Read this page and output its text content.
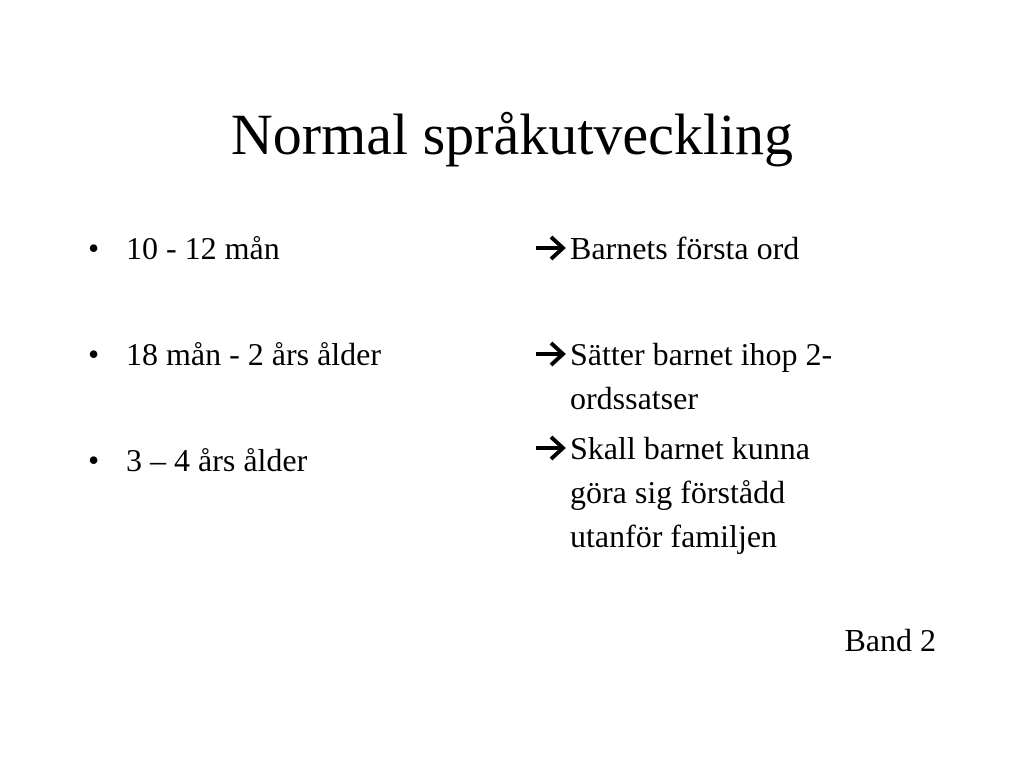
Normal språkutveckling
• 10 - 12 mån
• 18 mån - 2 års ålder
• 3 – 4 års ålder
Barnets första ord
Sätter barnet ihop 2-
ordssatser
Skall barnet kunna
göra sig förstådd
utanför familjen
Band 2
